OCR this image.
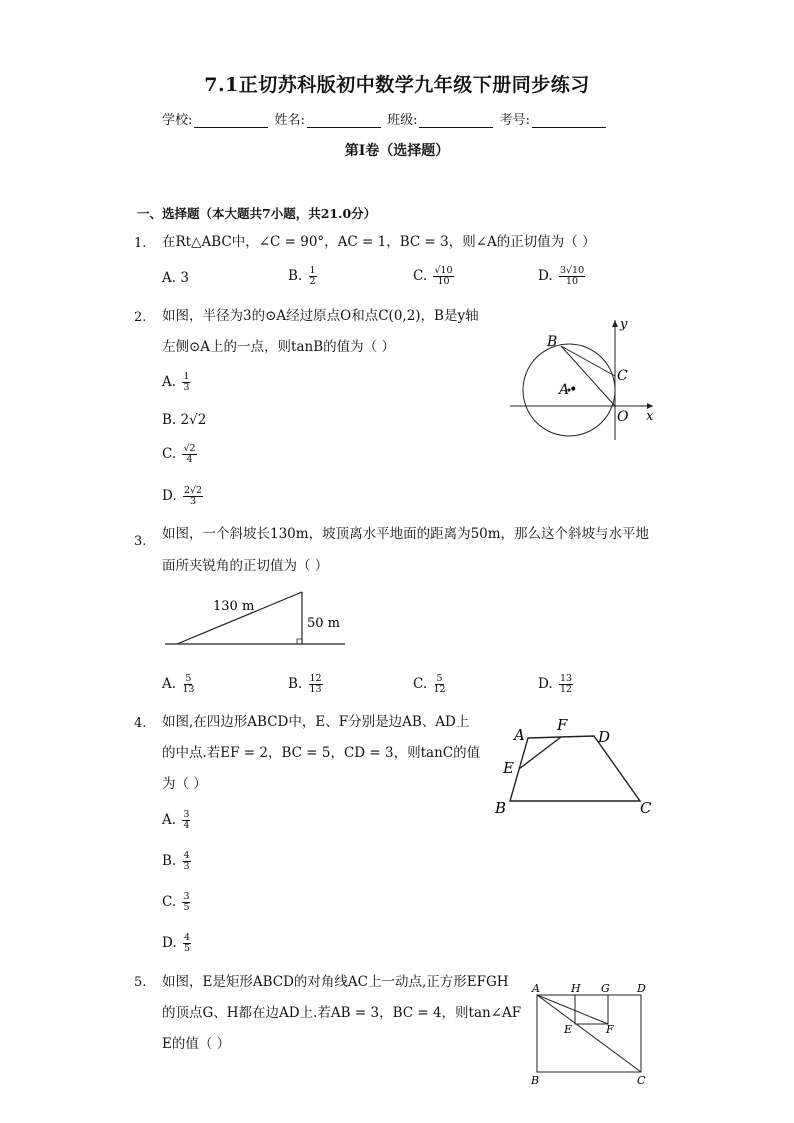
7.1正切苏科版初中数学九年级下册同步练习
学校:	姓名:	班级:	考号:
第I卷（选择题）
一、选择题（本大题共7小题，共21.0分）
1. 在Rt△ABC中，∠C = 90°，AC = 1，BC = 3，则∠A的正切值为（ ）
A. 3	B. $\frac{1}{2}$	C. $\frac{√10}{10}$	D. $\frac{3√10}{10}$
2. 如图，半径为3的⊙A经过原点O和点C(0,2)，B是y轴
左侧⊙A上的一点，则tanB的值为（ ）
A. $\frac{1}{3}$
B. 2√2
C. $\frac{√2}{4}$
D. $\frac{2√2}{3}$
y
x
B
C
A•
O
3. 如图，一个斜坡长130m，坡顶离水平地面的距离为50m，那么这个斜坡与水平地
面所夹锐角的正切值为（ ）
130 m
50 m
A. $\frac{5}{13}$	B. $\frac{12}{13}$	C. $\frac{5}{12}$	D. $\frac{13}{12}$
4. 如图,在四边形ABCD中，E、F分别是边AB、AD上
的中点.若EF = 2，BC = 5，CD = 3，则tanC的值
为（ ）
A. $\frac{3}{4}$
B. $\frac{4}{3}$
C. $\frac{3}{5}$
D. $\frac{4}{5}$
A
F
D
E
B	C
5. 如图，E是矩形ABCD的对角线AC上一动点,正方形EFGH
的顶点G、H都在边AD上.若AB = 3，BC = 4，则tan∠AF
E的值（ ）
A	H G D
E	F
B	C
